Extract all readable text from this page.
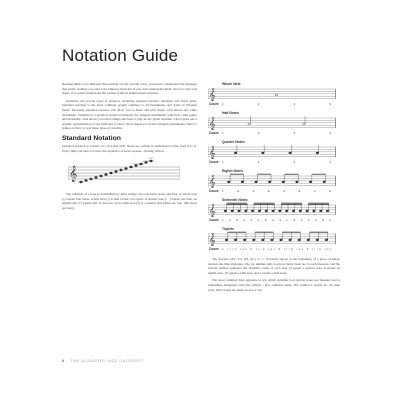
Notation Guide

Reading music is no different than reading a book: In both cases, you need to understand the language that you're reading; you can't read Chinese characters if you don't understand them, and you can't read music if you don't understand the written symbols behind music notation.

Guitarists use several types of notation, including standard notation, tablature, and chord grids. Standard notation is the most common system common to all instruments and styles in Western music. Knowing standard notation will allow you to share and play music with almost any other instrument. Tablature is a notation system exclusively for stringed instruments with frets—like guitar and mandolin—that shows you what strings and frets to play in any given moment. Chord grids use a graphic representation of the fretboard to show chord shapes for fretted stringed instruments. Here's a primer on how to read these types of notation.

Standard Notation

Standard notation is written on a five-line staff. Notes are written in alphabetical order from A to G. Every time you pass a G note, the sequence of notes repeats—starting with A.

𝄞

The duration of a note is determined by three things: the note head, stem, and flag. A whole note (𝅝) equals four beats. A half note (𝅗𝅥) is half of that: two beats. A quarter note (♩) equals one beat, an eighth note (♪) equals half of one beat, and a 16th note (𝅘𝅥𝅯) is a quarter beat (there are four 16th notes per beat).

Whole Note
𝄞
Count: 1 2 3 4
Half Notes
𝄞
Count: 1 2 3 4
Quarter Notes
𝄞
Count: 1 2 3 4
Eighth Notes
𝄞
Count: 1 & 2 & 3 & 4 &
Sixteenth Notes
𝄞
Count: 1 e & a 2 e & a 3 e & a 4 e & a
Triplets
𝄞
Count: 1 trip let 2 trip let 3 trip let 4 trip let

The fraction (4/4, 3/4, 6/8, etc.) or ‘c’ character shown at the beginning of a piece of music denotes the time signature. The top number tells you how many beats are in each measure, and the bottom number indicates the rhythmic value of each beat (4 equals a quarter note, 8 equals an eighth note, 16 equals a 16th note, and 2 equals a half note).

The most common time signature is 4/4, which signifies four quarter notes per measure and is sometimes designated with the symbol c (for common time). The symbol ¢ stands for cut time (2/2). Most songs are either in 4/4 or 3/4.

6 THE ACOUSTIC JAZZ GUITARIST
